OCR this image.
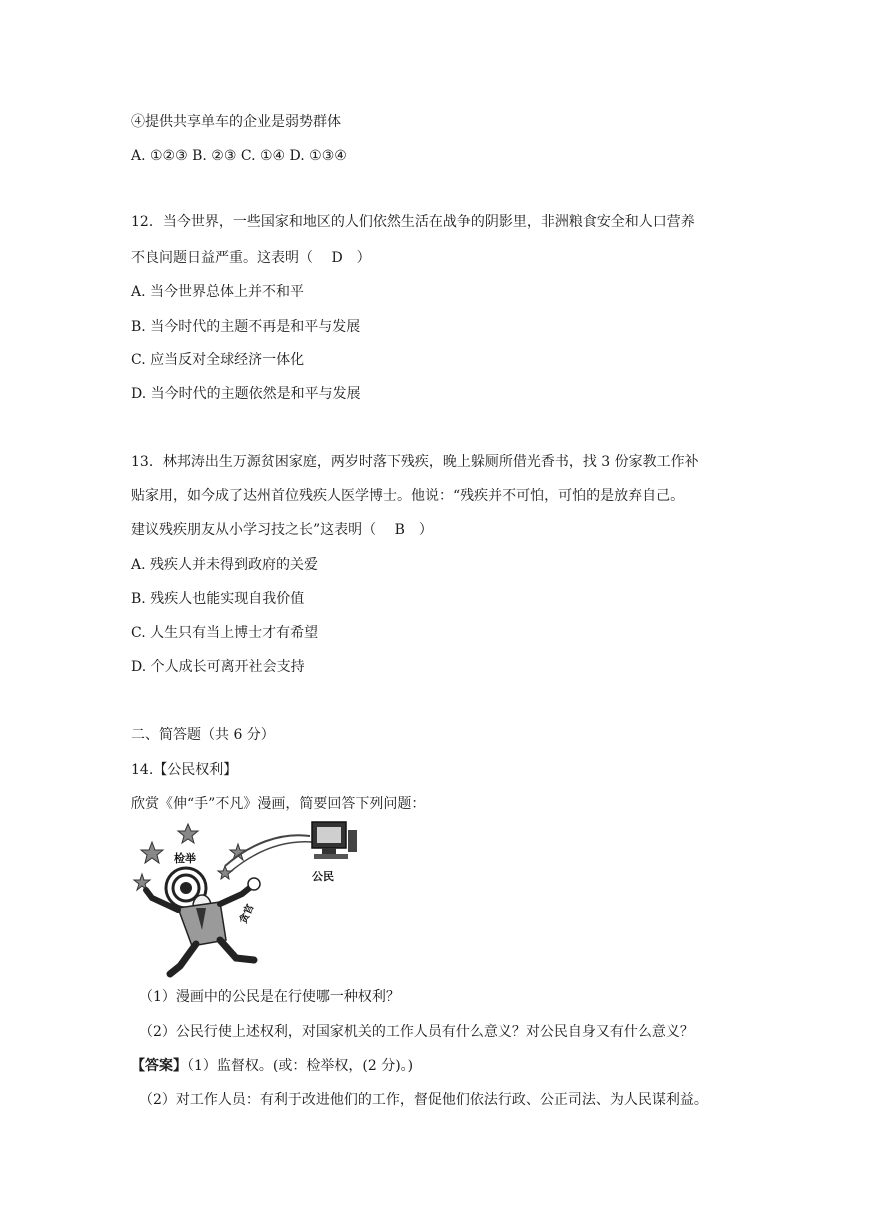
④提供共享单车的企业是弱势群体
A. ①②③ B. ②③ C. ①④ D. ①③④
12．当今世界，一些国家和地区的人们依然生活在战争的阴影里，非洲粮食安全和人口营养
不良问题日益严重。这表明（　 D　）
A. 当今世界总体上并不和平
B. 当今时代的主题不再是和平与发展
C. 应当反对全球经济一体化
D. 当今时代的主题依然是和平与发展
13．林邦涛出生万源贫困家庭，两岁时落下残疾，晚上躲厕所借光香书，找 3 份家教工作补
贴家用，如今成了达州首位残疾人医学博士。他说：“残疾并不可怕，可怕的是放弃自己。
建议残疾朋友从小学习技之长”这表明（　 B　）
A. 残疾人并未得到政府的关爱
B. 残疾人也能实现自我价值
C. 人生只有当上博士才有希望
D. 个人成长可离开社会支持
二、简答题（共 6 分）
14.【公民权利】
欣赏《伸“手”不凡》漫画，简要回答下列问题：
检举
公民
贪官
（1）漫画中的公民是在行使哪一种权利？
（2）公民行使上述权利，对国家机关的工作人员有什么意义？对公民自身又有什么意义？
【答案】（1）监督权。(或：检举权，(2 分)。)
（2）对工作人员：有利于改进他们的工作，督促他们依法行政、公正司法、为人民谋利益。
